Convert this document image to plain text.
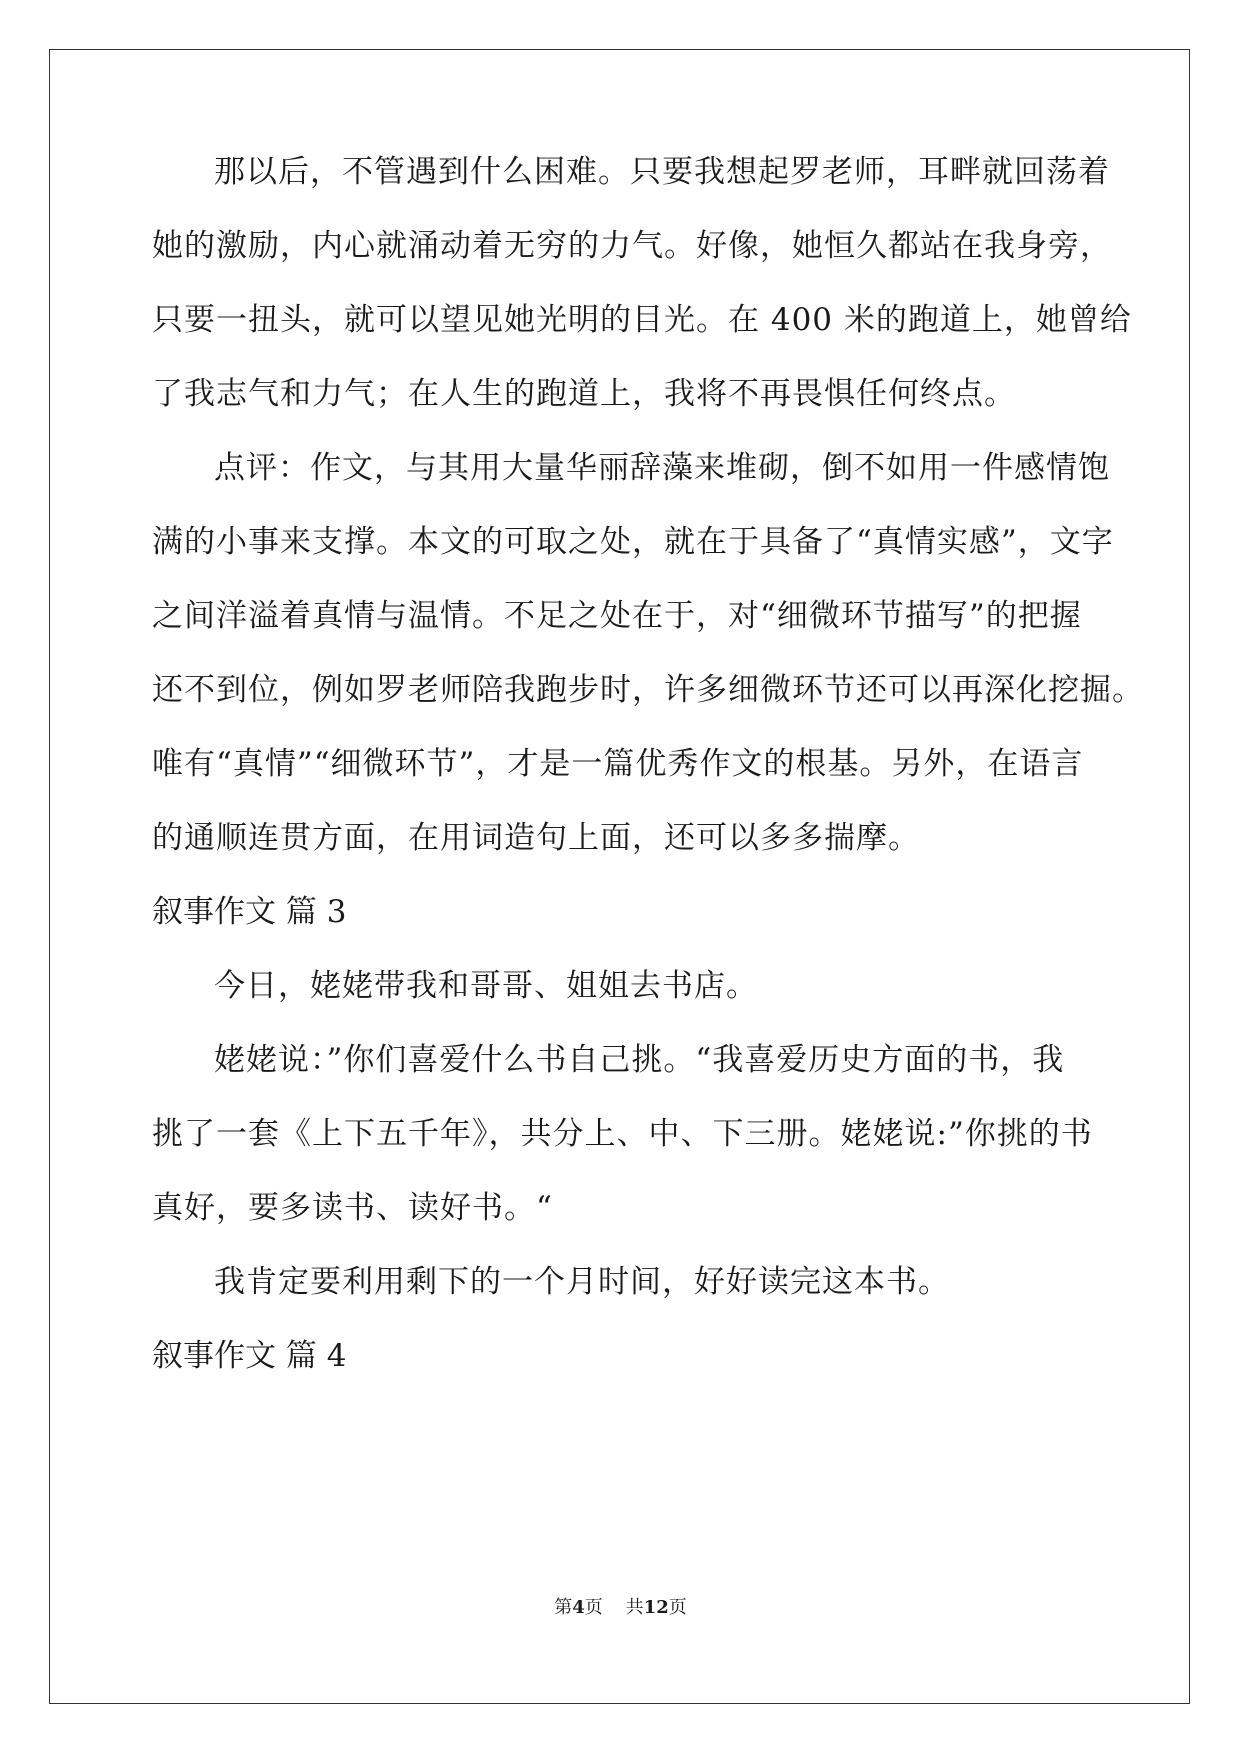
那以后，不管遇到什么困难。只要我想起罗老师，耳畔就回荡着
她的激励，内心就涌动着无穷的力气。好像，她恒久都站在我身旁，
只要一扭头，就可以望见她光明的目光。在 400 米的跑道上，她曾给
了我志气和力气；在人生的跑道上，我将不再畏惧任何终点。
点评：作文，与其用大量华丽辞藻来堆砌，倒不如用一件感情饱
满的小事来支撑。本文的可取之处，就在于具备了“真情实感”，文字
之间洋溢着真情与温情。不足之处在于，对“细微环节描写”的把握
还不到位，例如罗老师陪我跑步时，许多细微环节还可以再深化挖掘。
唯有“真情”“细微环节”，才是一篇优秀作文的根基。另外，在语言
的通顺连贯方面，在用词造句上面，还可以多多揣摩。
叙事作文 篇 3
今日，姥姥带我和哥哥、姐姐去书店。
姥姥说：”你们喜爱什么书自己挑。“我喜爱历史方面的书，我
挑了一套《上下五千年》，共分上、中、下三册。姥姥说:”你挑的书
真好，要多读书、读好书。“
我肯定要利用剩下的一个月时间，好好读完这本书。
叙事作文 篇 4
第4页 共12页
